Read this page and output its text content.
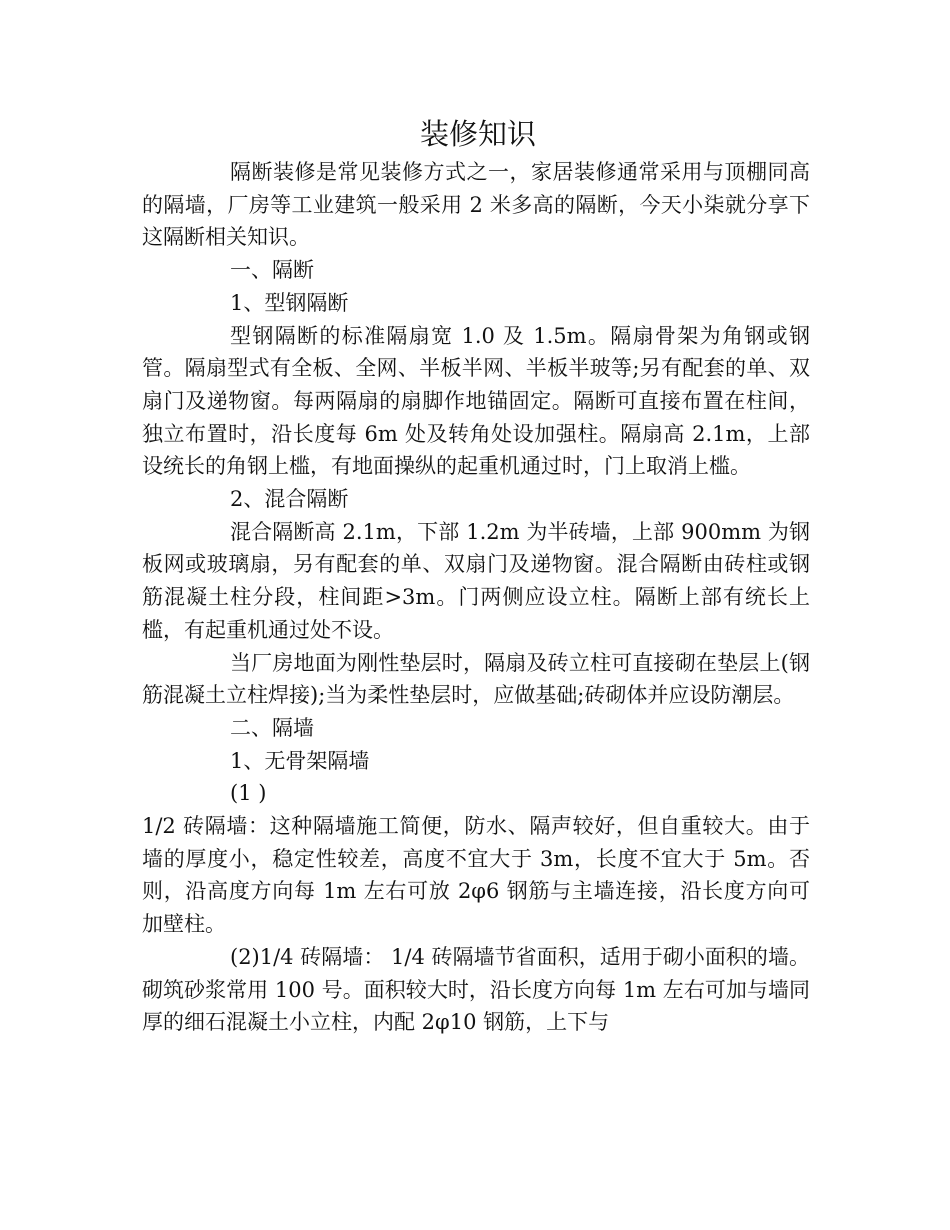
装修知识

隔断装修是常见装修方式之一，家居装修通常采用与顶棚同高的隔墙，厂房等工业建筑一般采用 2 米多高的隔断，今天小柒就分享下这隔断相关知识。

一、隔断

1、型钢隔断

型钢隔断的标准隔扇宽 1.0 及 1.5m。隔扇骨架为角钢或钢管。隔扇型式有全板、全网、半板半网、半板半玻等;另有配套的单、双扇门及递物窗。每两隔扇的扇脚作地锚固定。隔断可直接布置在柱间，独立布置时，沿长度每 6m 处及转角处设加强柱。隔扇高 2.1m，上部设统长的角钢上槛，有地面操纵的起重机通过时，门上取消上槛。

2、混合隔断

混合隔断高 2.1m，下部 1.2m 为半砖墙，上部 900mm 为钢板网或玻璃扇，另有配套的单、双扇门及递物窗。混合隔断由砖柱或钢筋混凝土柱分段，柱间距>3m。门两侧应设立柱。隔断上部有统长上槛，有起重机通过处不设。

当厂房地面为刚性垫层时，隔扇及砖立柱可直接砌在垫层上(钢筋混凝土立柱焊接);当为柔性垫层时，应做基础;砖砌体并应设防潮层。

二、隔墙

1、无骨架隔墙

(1 )

1/2 砖隔墙：这种隔墙施工简便，防水、隔声较好，但自重较大。由于墙的厚度小，稳定性较差，高度不宜大于 3m，长度不宜大于 5m。否则，沿高度方向每 1m 左右可放 2φ6 钢筋与主墙连接，沿长度方向可加壁柱。

(2)1/4 砖隔墙： 1/4 砖隔墙节省面积，适用于砌小面积的墙。砌筑砂浆常用 100 号。面积较大时，沿长度方向每 1m 左右可加与墙同厚的细石混凝土小立柱，内配 2φ10 钢筋，上下与
